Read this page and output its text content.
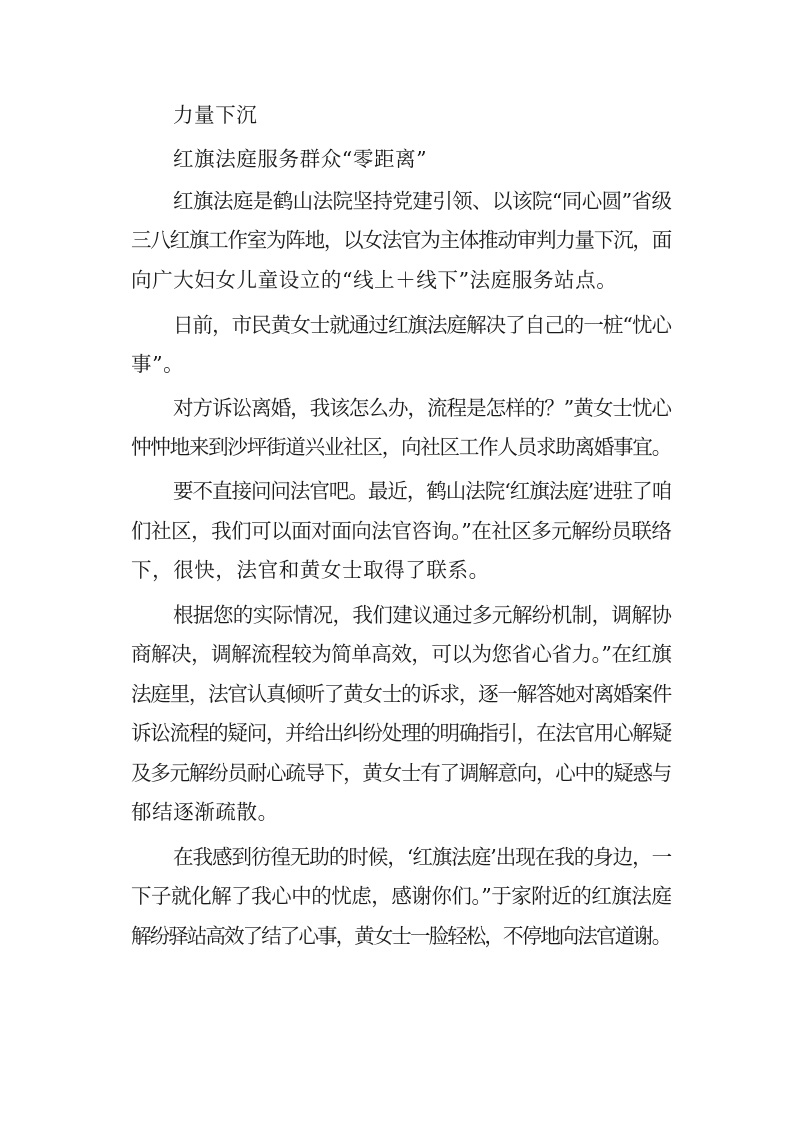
力量下沉
红旗法庭服务群众“零距离”
红旗法庭是鹤山法院坚持党建引领、以该院“同心圆”省级
三八红旗工作室为阵地，以女法官为主体推动审判力量下沉，面
向广大妇女儿童设立的“线上＋线下”法庭服务站点。
日前，市民黄女士就通过红旗法庭解决了自己的一桩“忧心
事”。
对方诉讼离婚，我该怎么办，流程是怎样的？”黄女士忧心
忡忡地来到沙坪街道兴业社区，向社区工作人员求助离婚事宜。
要不直接问问法官吧。最近，鹤山法院‘红旗法庭’进驻了咱
们社区，我们可以面对面向法官咨询。”在社区多元解纷员联络
下，很快，法官和黄女士取得了联系。
根据您的实际情况，我们建议通过多元解纷机制，调解协
商解决，调解流程较为简单高效，可以为您省心省力。”在红旗
法庭里，法官认真倾听了黄女士的诉求，逐一解答她对离婚案件
诉讼流程的疑问，并给出纠纷处理的明确指引，在法官用心解疑
及多元解纷员耐心疏导下，黄女士有了调解意向，心中的疑惑与
郁结逐渐疏散。
在我感到彷徨无助的时候，‘红旗法庭’出现在我的身边，一
下子就化解了我心中的忧虑，感谢你们。”于家附近的红旗法庭
解纷驿站高效了结了心事，黄女士一脸轻松，不停地向法官道谢。
